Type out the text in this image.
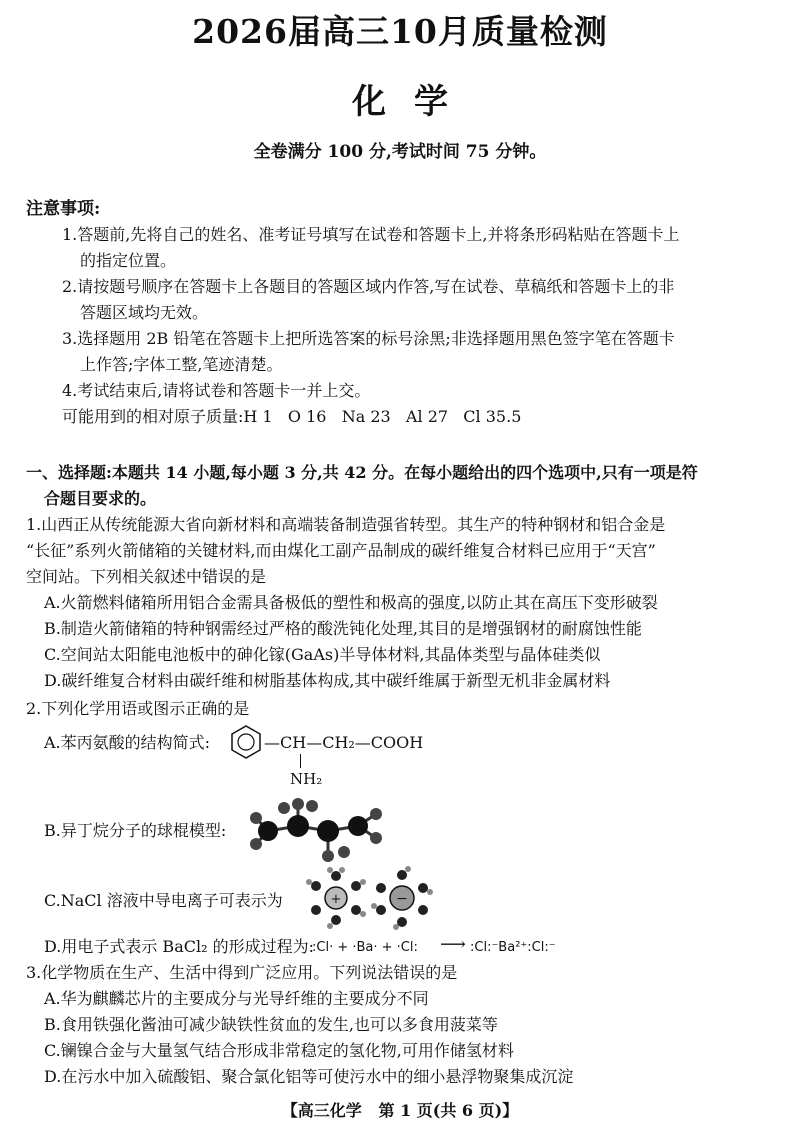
2026届高三10月质量检测
化学
全卷满分 100 分,考试时间 75 分钟。
注意事项:
1.答题前,先将自己的姓名、准考证号填写在试卷和答题卡上,并将条形码粘贴在答题卡上
的指定位置。
2.请按题号顺序在答题卡上各题目的答题区域内作答,写在试卷、草稿纸和答题卡上的非
答题区域均无效。
3.选择题用 2B 铅笔在答题卡上把所选答案的标号涂黑;非选择题用黑色签字笔在答题卡
上作答;字体工整,笔迹清楚。
4.考试结束后,请将试卷和答题卡一并上交。
可能用到的相对原子质量:H 1   O 16   Na 23   Al 27   Cl 35.5
一、选择题:本题共 14 小题,每小题 3 分,共 42 分。在每小题给出的四个选项中,只有一项是符
合题目要求的。
1.山西正从传统能源大省向新材料和高端装备制造强省转型。其生产的特种钢材和铝合金是
“长征”系列火箭储箱的关键材料,而由煤化工副产品制成的碳纤维复合材料已应用于“天宫”
空间站。下列相关叙述中错误的是
A.火箭燃料储箱所用铝合金需具备极低的塑性和极高的强度,以防止其在高压下变形破裂
B.制造火箭储箱的特种钢需经过严格的酸洗钝化处理,其目的是增强钢材的耐腐蚀性能
C.空间站太阳能电池板中的砷化镓(GaAs)半导体材料,其晶体类型与晶体硅类似
D.碳纤维复合材料由碳纤维和树脂基体构成,其中碳纤维属于新型无机非金属材料
2.下列化学用语或图示正确的是
A.苯丙氨酸的结构简式:	—CH—CH₂—COOH
NH₂
B.异丁烷分子的球棍模型:
C.NaCl 溶液中导电离子可表示为	+	−
D.用电子式表示 BaCl₂ 的形成过程为:
:Cl· + ·Ba· + ·Cl: ⟶ :Cl:⁻Ba²⁺:Cl:⁻
3.化学物质在生产、生活中得到广泛应用。下列说法错误的是
A.华为麒麟芯片的主要成分与光导纤维的主要成分不同
B.食用铁强化酱油可减少缺铁性贫血的发生,也可以多食用菠菜等
C.镧镍合金与大量氢气结合形成非常稳定的氢化物,可用作储氢材料
D.在污水中加入硫酸铝、聚合氯化铝等可使污水中的细小悬浮物聚集成沉淀
【高三化学   第 1 页(共 6 页)】
